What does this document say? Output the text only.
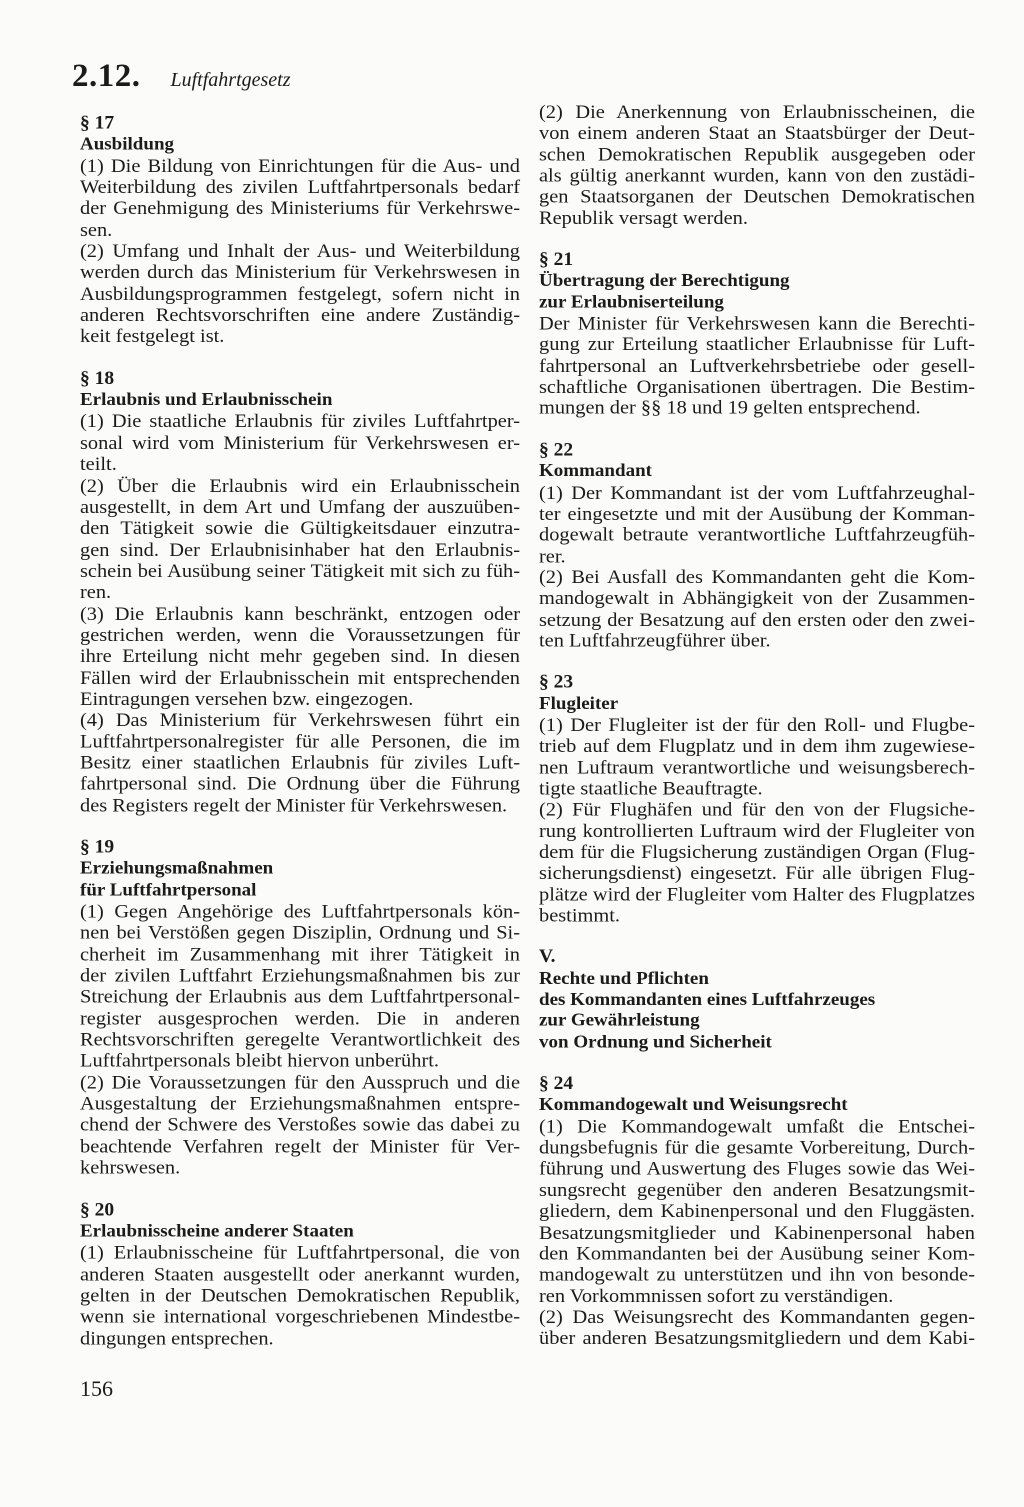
2.12. Luftfahrtgesetz
§ 17
Ausbildung
(1) Die Bildung von Einrichtungen für die Aus- und
Weiterbildung des zivilen Luftfahrtpersonals bedarf
der Genehmigung des Ministeriums für Verkehrswe-
sen.
(2) Umfang und Inhalt der Aus- und Weiterbildung
werden durch das Ministerium für Verkehrswesen in
Ausbildungsprogrammen festgelegt, sofern nicht in
anderen Rechtsvorschriften eine andere Zuständig-
keit festgelegt ist.
§ 18
Erlaubnis und Erlaubnisschein
(1) Die staatliche Erlaubnis für ziviles Luftfahrtper-
sonal wird vom Ministerium für Verkehrswesen er-
teilt.
(2) Über die Erlaubnis wird ein Erlaubnisschein
ausgestellt, in dem Art und Umfang der auszuüben-
den Tätigkeit sowie die Gültigkeitsdauer einzutra-
gen sind. Der Erlaubnisinhaber hat den Erlaubnis-
schein bei Ausübung seiner Tätigkeit mit sich zu füh-
ren.
(3) Die Erlaubnis kann beschränkt, entzogen oder
gestrichen werden, wenn die Voraussetzungen für
ihre Erteilung nicht mehr gegeben sind. In diesen
Fällen wird der Erlaubnisschein mit entsprechenden
Eintragungen versehen bzw. eingezogen.
(4) Das Ministerium für Verkehrswesen führt ein
Luftfahrtpersonalregister für alle Personen, die im
Besitz einer staatlichen Erlaubnis für ziviles Luft-
fahrtpersonal sind. Die Ordnung über die Führung
des Registers regelt der Minister für Verkehrswesen.
§ 19
Erziehungsmaßnahmen
für Luftfahrtpersonal
(1) Gegen Angehörige des Luftfahrtpersonals kön-
nen bei Verstößen gegen Disziplin, Ordnung und Si-
cherheit im Zusammenhang mit ihrer Tätigkeit in
der zivilen Luftfahrt Erziehungsmaßnahmen bis zur
Streichung der Erlaubnis aus dem Luftfahrtpersonal-
register ausgesprochen werden. Die in anderen
Rechtsvorschriften geregelte Verantwortlichkeit des
Luftfahrtpersonals bleibt hiervon unberührt.
(2) Die Voraussetzungen für den Ausspruch und die
Ausgestaltung der Erziehungsmaßnahmen entspre-
chend der Schwere des Verstoßes sowie das dabei zu
beachtende Verfahren regelt der Minister für Ver-
kehrswesen.
§ 20
Erlaubnisscheine anderer Staaten
(1) Erlaubnisscheine für Luftfahrtpersonal, die von
anderen Staaten ausgestellt oder anerkannt wurden,
gelten in der Deutschen Demokratischen Republik,
wenn sie international vorgeschriebenen Mindestbe-
dingungen entsprechen.
(2) Die Anerkennung von Erlaubnisscheinen, die
von einem anderen Staat an Staatsbürger der Deut-
schen Demokratischen Republik ausgegeben oder
als gültig anerkannt wurden, kann von den zustädi-
gen Staatsorganen der Deutschen Demokratischen
Republik versagt werden.
§ 21
Übertragung der Berechtigung
zur Erlaubniserteilung
Der Minister für Verkehrswesen kann die Berechti-
gung zur Erteilung staatlicher Erlaubnisse für Luft-
fahrtpersonal an Luftverkehrsbetriebe oder gesell-
schaftliche Organisationen übertragen. Die Bestim-
mungen der §§ 18 und 19 gelten entsprechend.
§ 22
Kommandant
(1) Der Kommandant ist der vom Luftfahrzeughal-
ter eingesetzte und mit der Ausübung der Komman-
dogewalt betraute verantwortliche Luftfahrzeugfüh-
rer.
(2) Bei Ausfall des Kommandanten geht die Kom-
mandogewalt in Abhängigkeit von der Zusammen-
setzung der Besatzung auf den ersten oder den zwei-
ten Luftfahrzeugführer über.
§ 23
Flugleiter
(1) Der Flugleiter ist der für den Roll- und Flugbe-
trieb auf dem Flugplatz und in dem ihm zugewiese-
nen Luftraum verantwortliche und weisungsberech-
tigte staatliche Beauftragte.
(2) Für Flughäfen und für den von der Flugsiche-
rung kontrollierten Luftraum wird der Flugleiter von
dem für die Flugsicherung zuständigen Organ (Flug-
sicherungsdienst) eingesetzt. Für alle übrigen Flug-
plätze wird der Flugleiter vom Halter des Flugplatzes
bestimmt.
V.
Rechte und Pflichten
des Kommandanten eines Luftfahrzeuges
zur Gewährleistung
von Ordnung und Sicherheit
§ 24
Kommandogewalt und Weisungsrecht
(1) Die Kommandogewalt umfaßt die Entschei-
dungsbefugnis für die gesamte Vorbereitung, Durch-
führung und Auswertung des Fluges sowie das Wei-
sungsrecht gegenüber den anderen Besatzungsmit-
gliedern, dem Kabinenpersonal und den Fluggästen.
Besatzungsmitglieder und Kabinenpersonal haben
den Kommandanten bei der Ausübung seiner Kom-
mandogewalt zu unterstützen und ihn von besonde-
ren Vorkommnissen sofort zu verständigen.
(2) Das Weisungsrecht des Kommandanten gegen-
über anderen Besatzungsmitgliedern und dem Kabi-
156
